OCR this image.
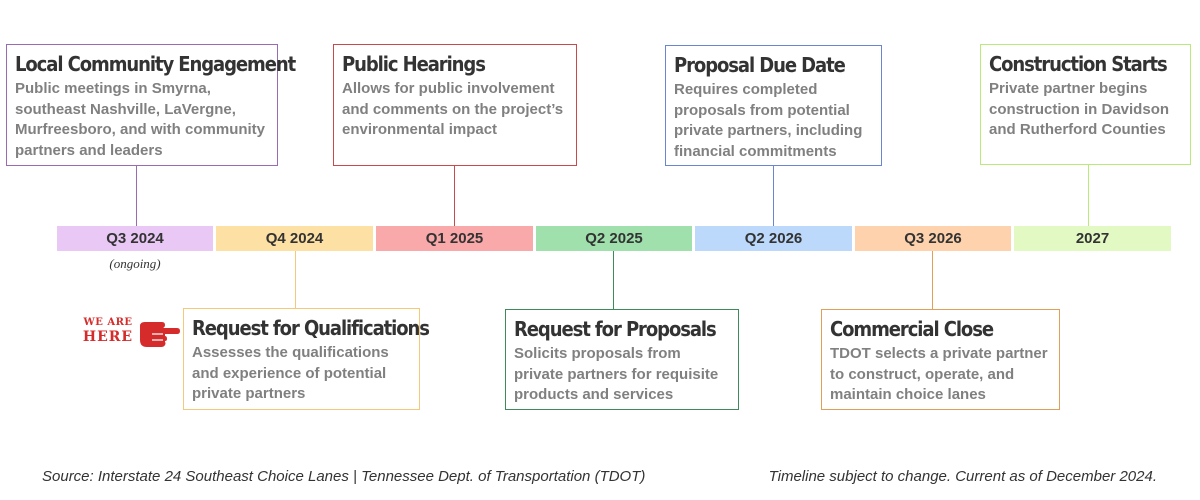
Q3 2024	Q4 2024	Q1 2025	Q2 2025	Q2 2026	Q3 2026	2027
(ongoing)
Local Community Engagement
Public meetings in Smyrna, southeast Nashville, LaVergne, Murfreesboro, and with community partners and leaders
Public Hearings
Allows for public involvement and comments on the project’s environmental impact
Proposal Due Date
Requires completed proposals from potential private partners, including financial commitments
Construction Starts
Private partner begins construction in Davidson and Rutherford Counties
Request for Qualifications
Assesses the qualifications and experience of potential private partners
Request for Proposals
Solicits proposals from private partners for requisite products and services
Commercial Close
TDOT selects a private partner to construct, operate, and maintain choice lanes
WE ARE
HERE
Source: Interstate 24 Southeast Choice Lanes | Tennessee Dept. of Transportation (TDOT)	Timeline subject to change. Current as of December 2024.
